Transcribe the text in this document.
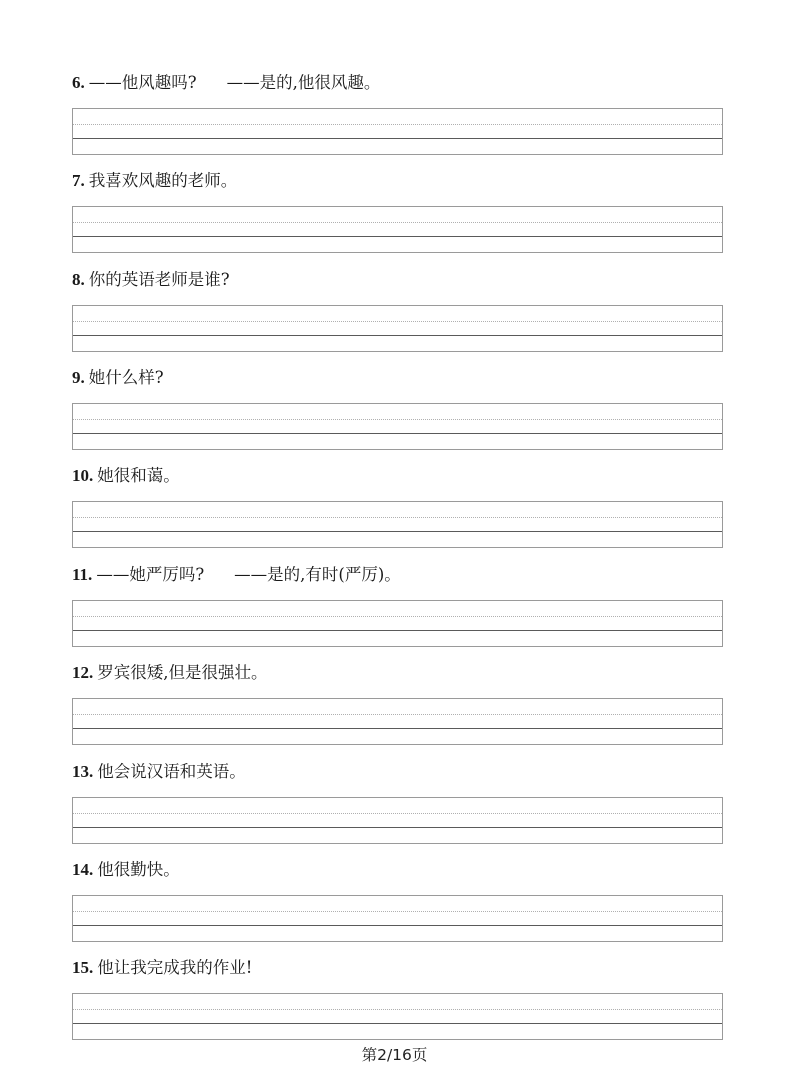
6. ——他风趣吗? ——是的,他很风趣。
7. 我喜欢风趣的老师。
8. 你的英语老师是谁?
9. 她什么样?
10. 她很和蔼。
11. ——她严厉吗? ——是的,有时(严厉)。
12. 罗宾很矮,但是很强壮。
13. 他会说汉语和英语。
14. 他很勤快。
15. 他让我完成我的作业!
第2/16页
